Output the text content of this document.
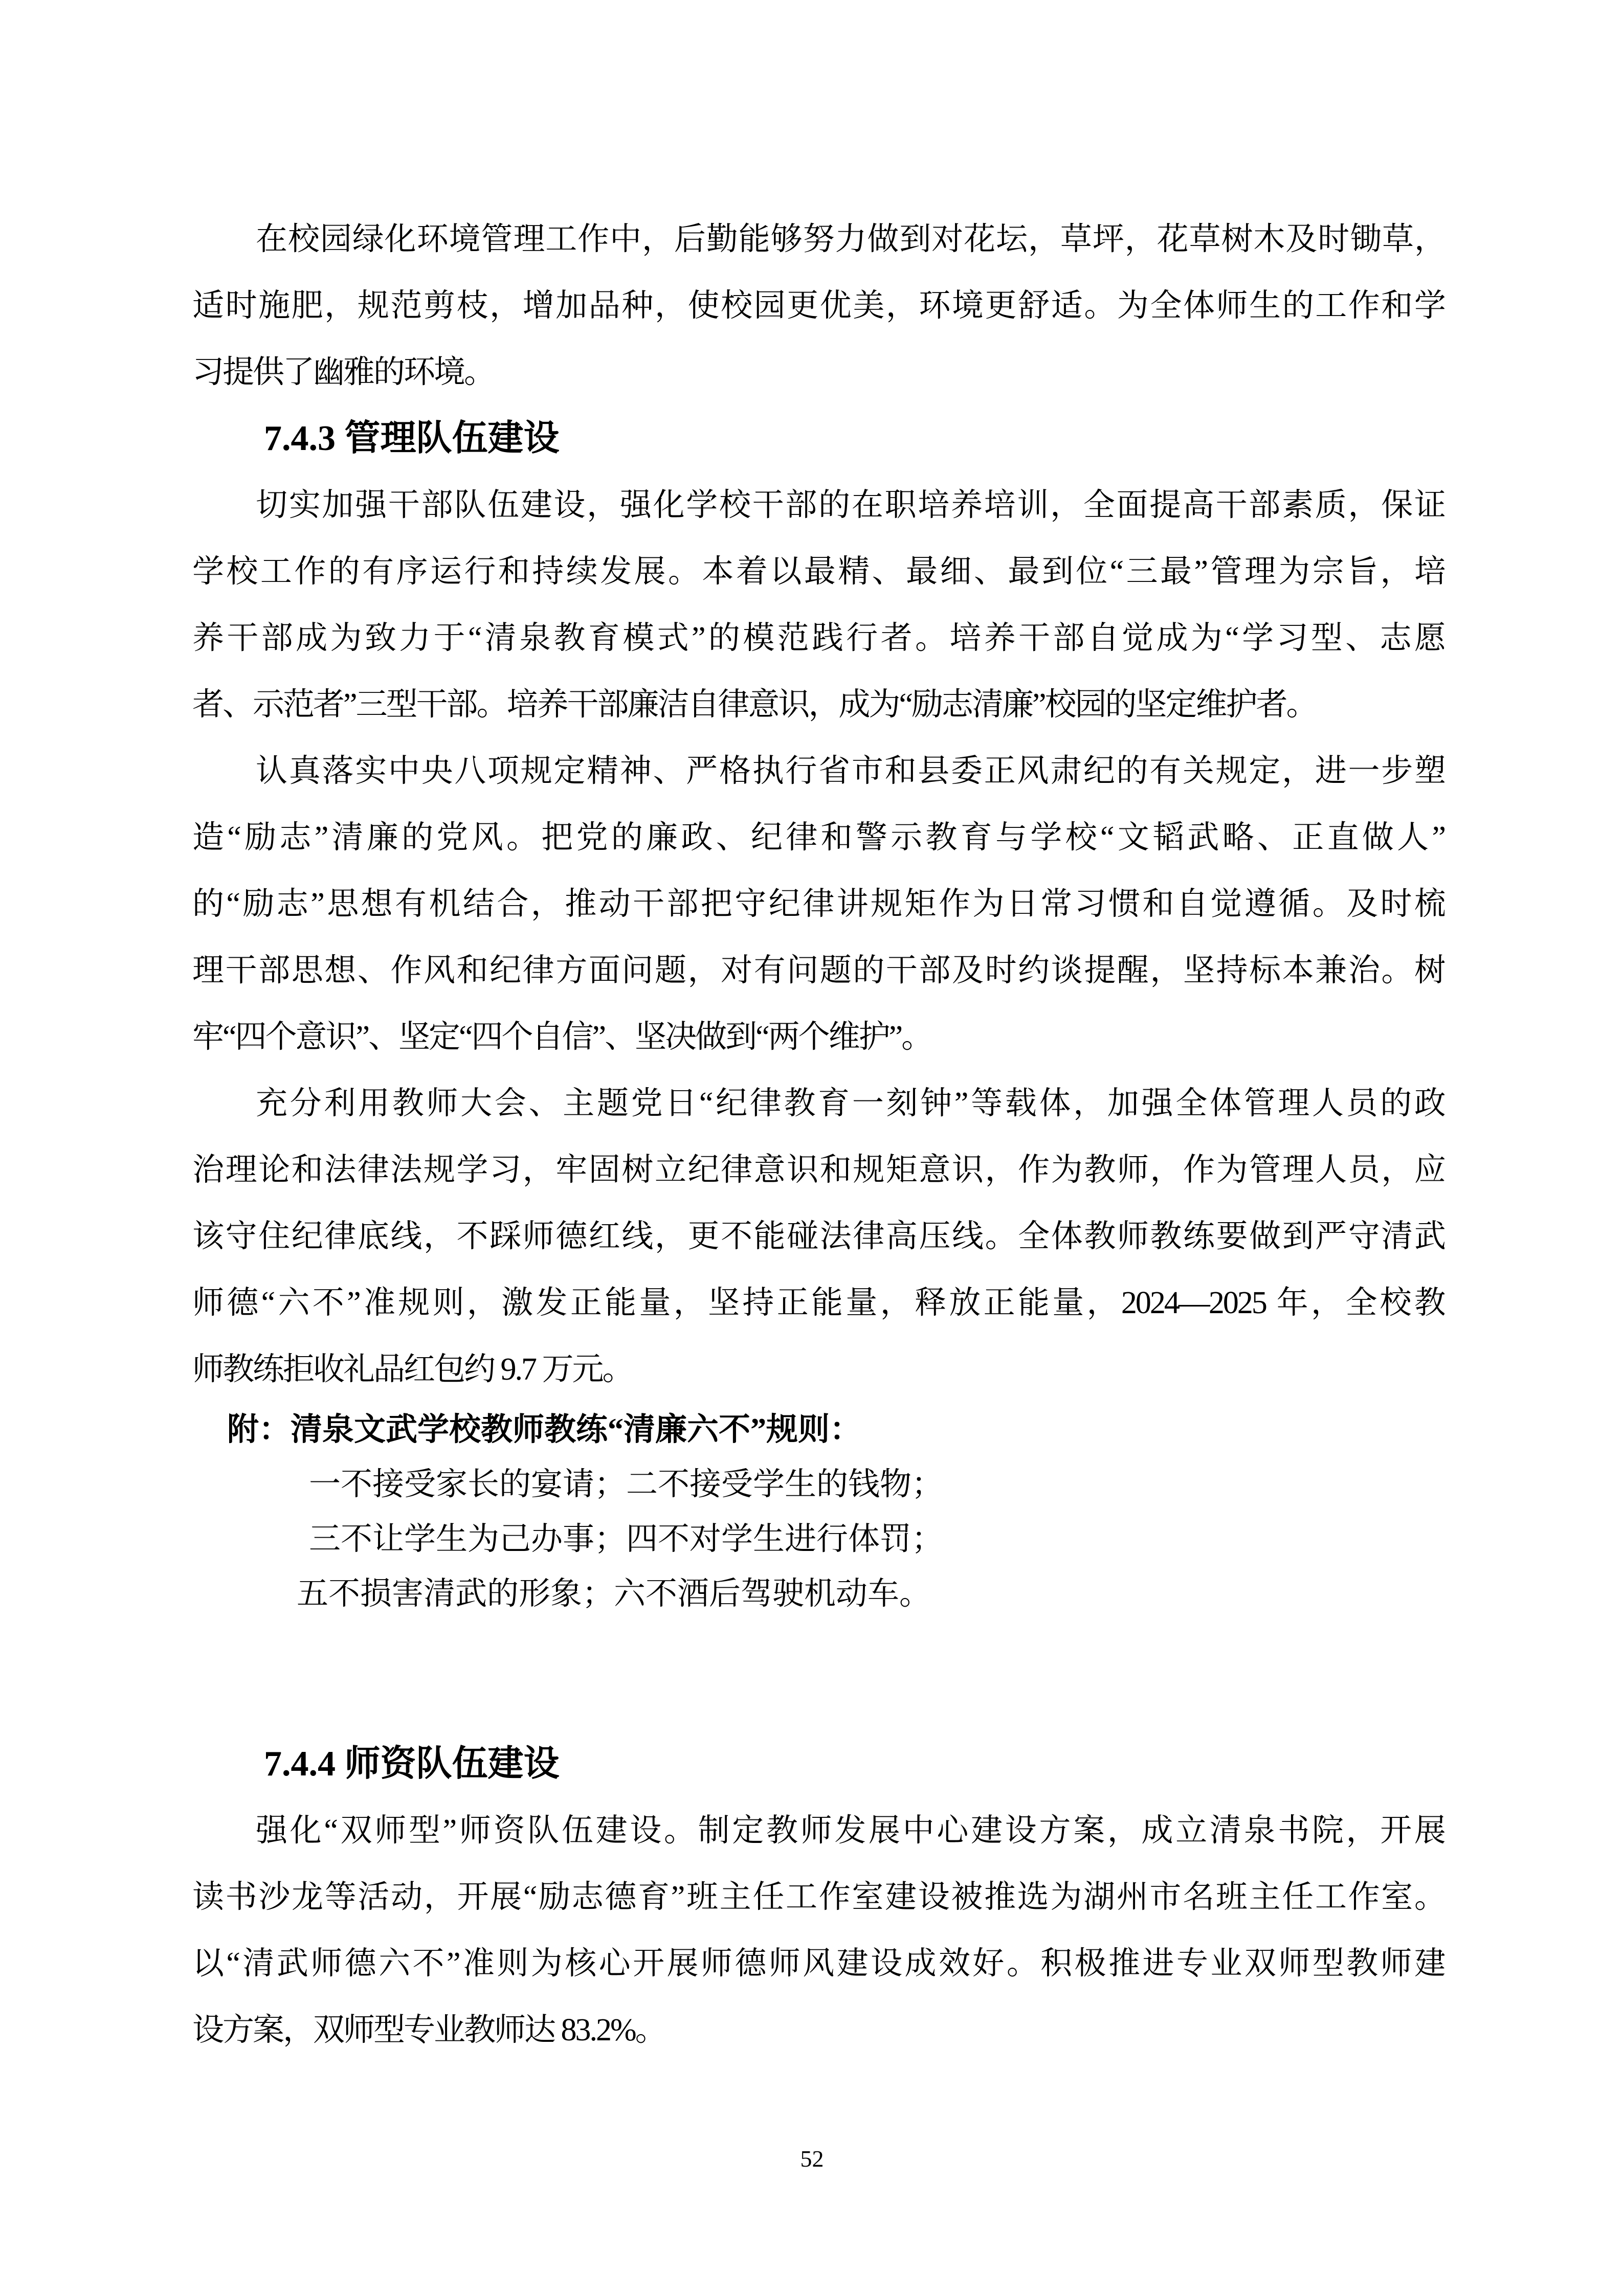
在校园绿化环境管理工作中，后勤能够努力做到对花坛，草坪，花草树木及时锄草，
适时施肥，规范剪枝，增加品种，使校园更优美，环境更舒适。为全体师生的工作和学
习提供了幽雅的环境。
7.4.3 管理队伍建设
切实加强干部队伍建设，强化学校干部的在职培养培训，全面提高干部素质，保证
学校工作的有序运行和持续发展。本着以最精、最细、最到位“三最”管理为宗旨，培
养干部成为致力于“清泉教育模式”的模范践行者。培养干部自觉成为“学习型、志愿
者、示范者”三型干部。培养干部廉洁自律意识，成为“励志清廉”校园的坚定维护者。
认真落实中央八项规定精神、严格执行省市和县委正风肃纪的有关规定，进一步塑
造“励志”清廉的党风。把党的廉政、纪律和警示教育与学校“文韬武略、正直做人”
的“励志”思想有机结合，推动干部把守纪律讲规矩作为日常习惯和自觉遵循。及时梳
理干部思想、作风和纪律方面问题，对有问题的干部及时约谈提醒，坚持标本兼治。树
牢“四个意识”、坚定“四个自信”、坚决做到“两个维护”。
充分利用教师大会、主题党日“纪律教育一刻钟”等载体，加强全体管理人员的政
治理论和法律法规学习，牢固树立纪律意识和规矩意识，作为教师，作为管理人员，应
该守住纪律底线，不踩师德红线，更不能碰法律高压线。全体教师教练要做到严守清武
师德“六不”准规则，激发正能量，坚持正能量，释放正能量，2024—2025 年，全校教
师教练拒收礼品红包约 9.7 万元。
附：清泉文武学校教师教练“清廉六不”规则：
一不接受家长的宴请；二不接受学生的钱物；
三不让学生为己办事；四不对学生进行体罚；
五不损害清武的形象；六不酒后驾驶机动车。
7.4.4 师资队伍建设
强化“双师型”师资队伍建设。制定教师发展中心建设方案，成立清泉书院，开展
读书沙龙等活动，开展“励志德育”班主任工作室建设被推选为湖州市名班主任工作室。
以“清武师德六不”准则为核心开展师德师风建设成效好。积极推进专业双师型教师建
设方案，双师型专业教师达 83.2%。
52
